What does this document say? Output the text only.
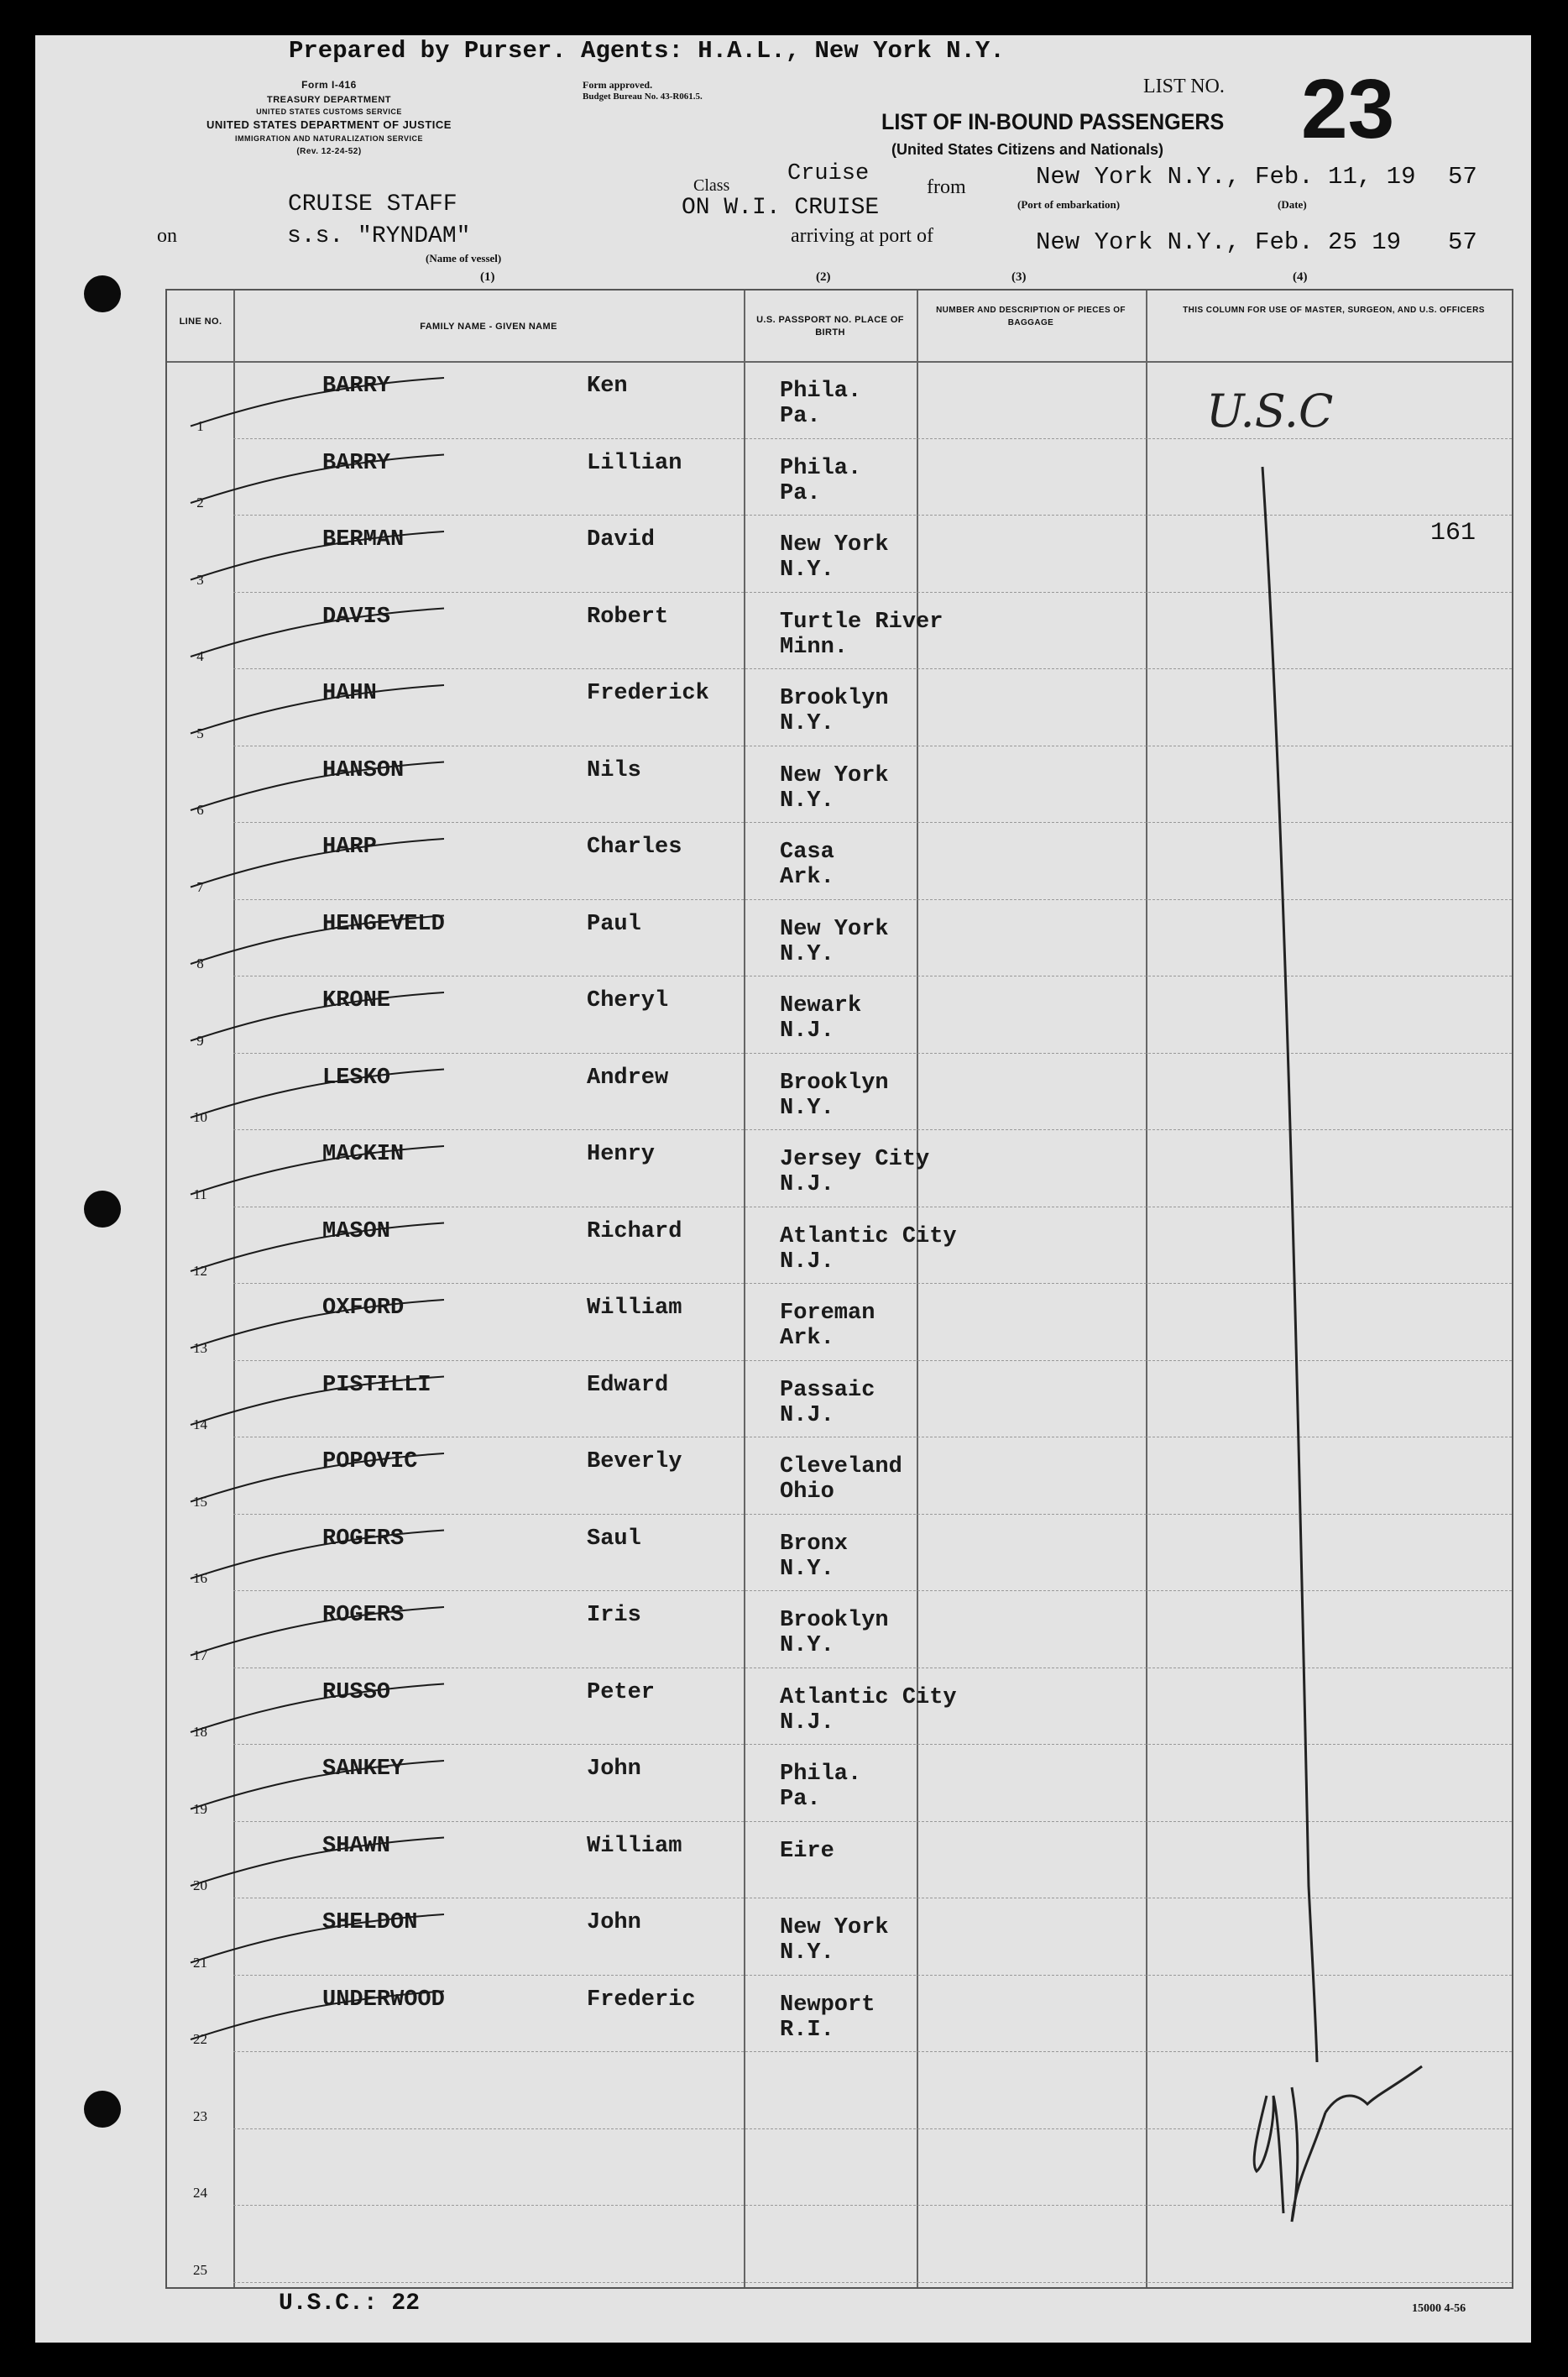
Prepared by Purser. Agents: H.A.L., New York N.Y.
Form I-416
TREASURY DEPARTMENT
UNITED STATES CUSTOMS SERVICE
UNITED STATES DEPARTMENT OF JUSTICE
IMMIGRATION AND NATURALIZATION SERVICE
(Rev. 12-24-52)
Form approved.
Budget Bureau No. 43-R061.5.	LIST NO. 23
LIST OF IN-BOUND PASSENGERS
(United States Citizens and Nationals)
CRUISE STAFF
Class	Cruise
ON W.I. CRUISE
from	New York N.Y., Feb. 11, 19 57
(Port of embarkation)	(Date)
on	s.s. "RYNDAM"
(Name of vessel)
arriving at port of	New York N.Y., Feb. 25 19 57
(1)	(2)	(3)	(4)
LINE NO.	FAMILY NAME - GIVEN NAME
U.S. PASSPORT NO. PLACE OF BIRTH
NUMBER AND DESCRIPTION OF PIECES OF BAGGAGE
THIS COLUMN FOR USE OF MASTER, SURGEON, AND U.S. OFFICERS
1
BARRY	Ken	Phila.
Pa.
2
BARRY	Lillian	Phila.
Pa.
3
BERMAN	David	New York
N.Y.
4
DAVIS	Robert	Turtle River
Minn.
5
HAHN	Frederick	Brooklyn
N.Y.
6
HANSON	Nils	New York
N.Y.
7
HARP	Charles	Casa
Ark.
8
HENGEVELD	Paul	New York
N.Y.
9
KRONE	Cheryl	Newark
N.J.
10
LESKO	Andrew	Brooklyn
N.Y.
11
MACKIN	Henry	Jersey City
N.J.
12
MASON	Richard	Atlantic City
N.J.
13
OXFORD	William	Foreman
Ark.
14
PISTILLI	Edward	Passaic
N.J.
15
POPOVIC	Beverly	Cleveland
Ohio
16
ROGERS	Saul	Bronx
N.Y.
17
ROGERS	Iris	Brooklyn
N.Y.
18
RUSSO	Peter	Atlantic City
N.J.
19
SANKEY	John	Phila.
Pa.
20
SHAWN	William	Eire
21
SHELDON	John	New York
N.Y.
22
UNDERWOOD	Frederic	Newport
R.I.
23
24
25
U.S.C
161
U.S.C.: 22	15000 4-56
